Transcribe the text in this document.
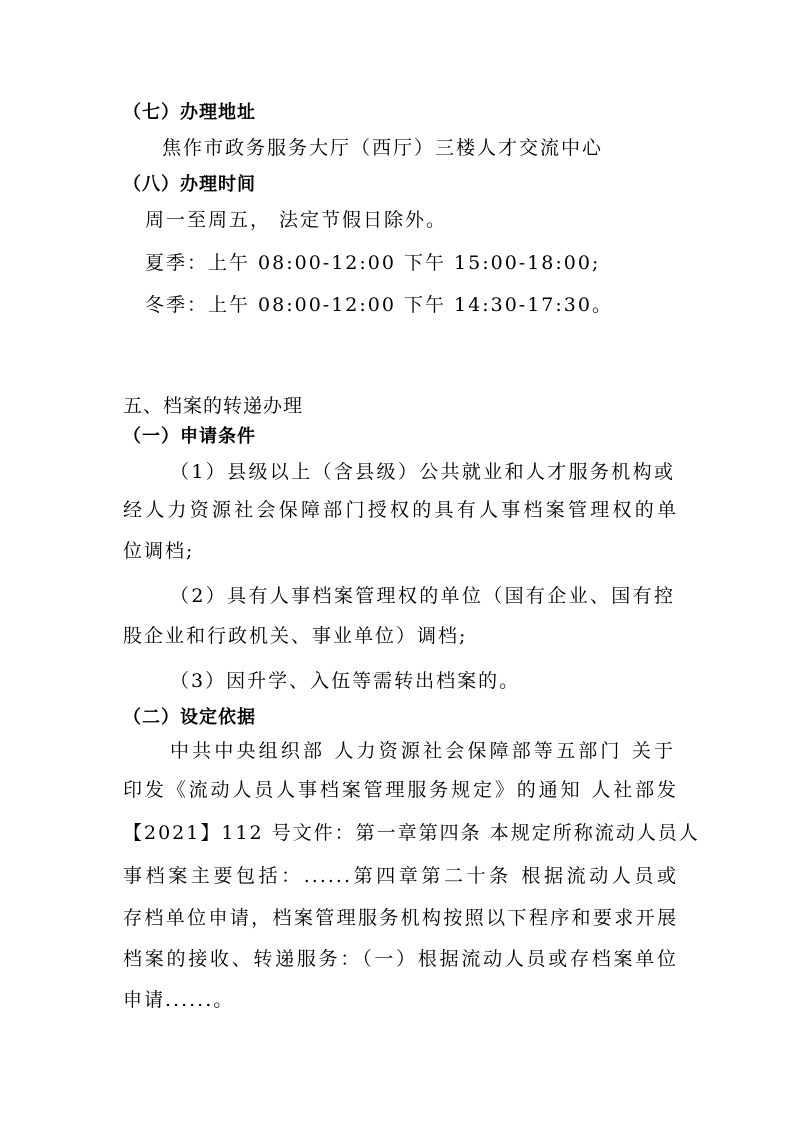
（七）办理地址
焦作市政务服务大厅（西厅）三楼人才交流中心
（八）办理时间
周一至周五， 法定节假日除外。
夏季：上午 08:00-12:00 下午 15:00-18:00;
冬季：上午 08:00-12:00 下午 14:30-17:30。
五、档案的转递办理
（一）申请条件
（1）县级以上（含县级）公共就业和人才服务机构或
经人力资源社会保障部门授权的具有人事档案管理权的单
位调档;
（2）具有人事档案管理权的单位（国有企业、国有控
股企业和行政机关、事业单位）调档;
（3）因升学、入伍等需转出档案的。
（二）设定依据
中共中央组织部 人力资源社会保障部等五部门 关于
印发《流动人员人事档案管理服务规定》的通知 人社部发
【2021】112 号文件：第一章第四条 本规定所称流动人员人
事档案主要包括：......第四章第二十条 根据流动人员或
存档单位申请，档案管理服务机构按照以下程序和要求开展
档案的接收、转递服务：（一）根据流动人员或存档案单位
申请......。
